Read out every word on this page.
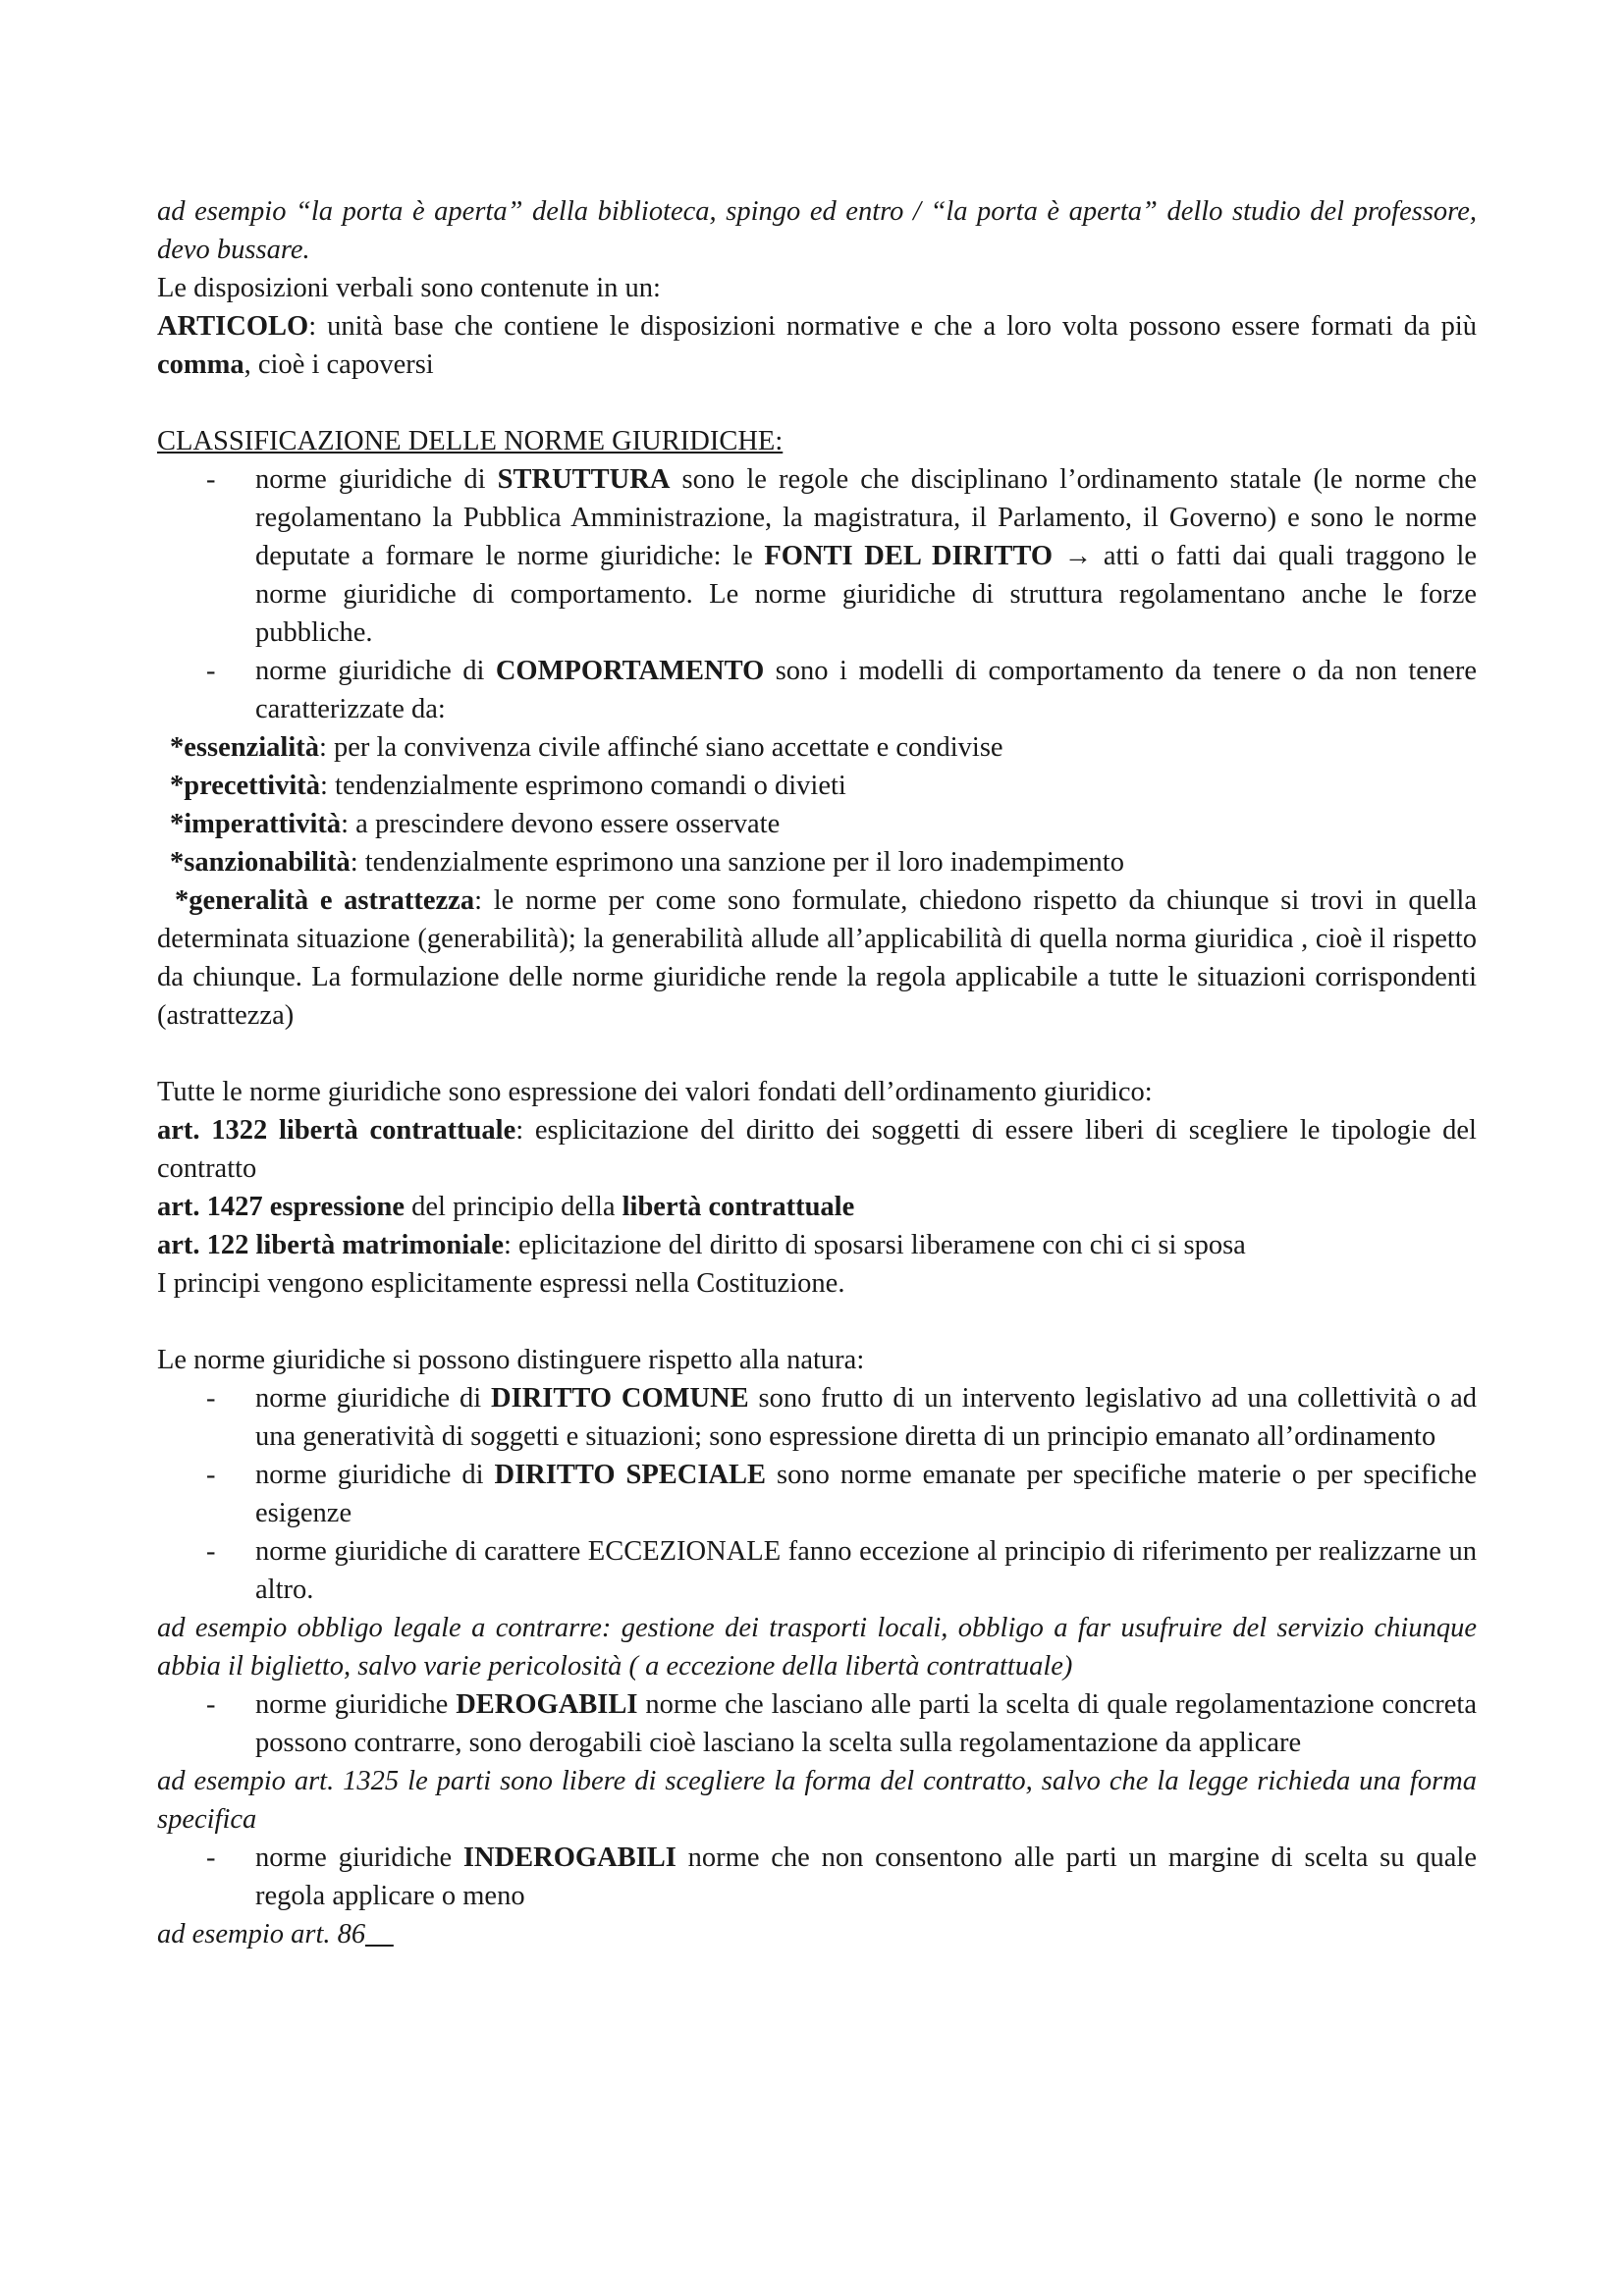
ad esempio “la porta è aperta” della biblioteca, spingo ed entro / “la porta è aperta” dello studio del professore, devo bussare.

Le disposizioni verbali sono contenute in un:

ARTICOLO: unità base che contiene le disposizioni normative e che a loro volta possono essere formati da più comma, cioè i capoversi

CLASSIFICAZIONE DELLE NORME GIURIDICHE:

- norme giuridiche di STRUTTURA sono le regole che disciplinano l’ordinamento statale (le norme che regolamentano la Pubblica Amministrazione, la magistratura, il Parlamento, il Governo) e sono le norme deputate a formare le norme giuridiche: le FONTI DEL DIRITTO → atti o fatti dai quali traggono le norme giuridiche di comportamento. Le norme giuridiche di struttura regolamentano anche le forze pubbliche.
- norme giuridiche di COMPORTAMENTO sono i modelli di comportamento da tenere o da non tenere caratterizzate da:

*essenzialità: per la convivenza civile affinché siano accettate e condivise

*precettività: tendenzialmente esprimono comandi o divieti

*imperattività: a prescindere devono essere osservate

*sanzionabilità: tendenzialmente esprimono una sanzione per il loro inadempimento

*generalità e astrattezza: le norme per come sono formulate, chiedono rispetto da chiunque si trovi in quella determinata situazione (generabilità); la generabilità allude all’applicabilità di quella norma giuridica , cioè il rispetto da chiunque. La formulazione delle norme giuridiche rende la regola applicabile a tutte le situazioni corrispondenti (astrattezza)

Tutte le norme giuridiche sono espressione dei valori fondati dell’ordinamento giuridico:

art. 1322 libertà contrattuale: esplicitazione del diritto dei soggetti di essere liberi di scegliere le tipologie del contratto

art. 1427 espressione del principio della libertà contrattuale

art. 122 libertà matrimoniale: eplicitazione del diritto di sposarsi liberamene con chi ci si sposa

I principi vengono esplicitamente espressi nella Costituzione.

Le norme giuridiche si possono distinguere rispetto alla natura:

- norme giuridiche di DIRITTO COMUNE sono frutto di un intervento legislativo ad una collettività o ad una generatività di soggetti e situazioni; sono espressione diretta di un principio emanato all’ordinamento
- norme giuridiche di DIRITTO SPECIALE sono norme emanate per specifiche materie o per specifiche esigenze
- norme giuridiche di carattere ECCEZIONALE fanno eccezione al principio di riferimento per realizzarne un altro.

ad esempio obbligo legale a contrarre: gestione dei trasporti locali, obbligo a far usufruire del servizio chiunque abbia il biglietto, salvo varie pericolosità ( a eccezione della libertà contrattuale)

- norme giuridiche DEROGABILI norme che lasciano alle parti la scelta di quale regolamentazione concreta possono contrarre, sono derogabili cioè lasciano la scelta sulla regolamentazione da applicare

ad esempio art. 1325 le parti sono libere di scegliere la forma del contratto, salvo che la legge richieda una forma specifica

- norme giuridiche INDEROGABILI norme che non consentono alle parti un margine di scelta su quale regola applicare o meno

ad esempio art. 86__
